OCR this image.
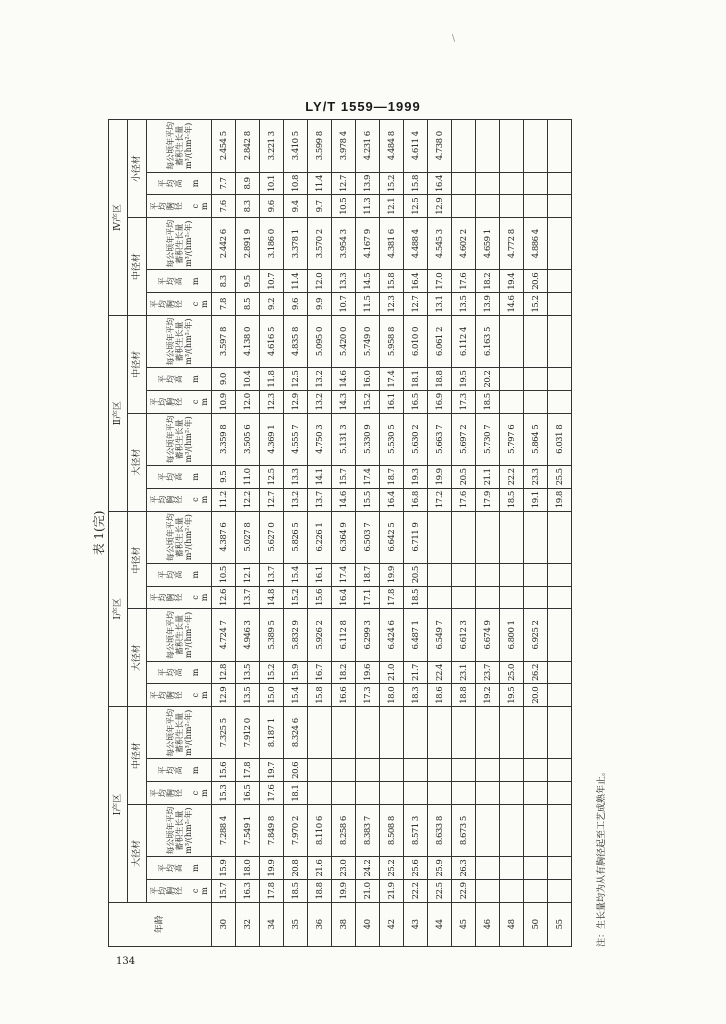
\
LY/T 1559—1999
表 1(完)
年龄	Ⅰ产区						Ⅰ产区						Ⅱ产区						Ⅳ产区					
	大径材			中径材			大径材			中径材			大径材			中径材			中径材			小径材		
	平均胸径 cm	平均高 m	每公顷年平均蓄积生长量 m³/(hm²·年)	平均胸径 cm	平均高 m	每公顷年平均蓄积生长量 m³/(hm²·年)	平均胸径 cm	平均高 m	每公顷年平均蓄积生长量 m³/(hm²·年)	平均胸径 cm	平均高 m	每公顷年平均蓄积生长量 m³/(hm²·年)	平均胸径 cm	平均高 m	每公顷年平均蓄积生长量 m³/(hm²·年)	平均胸径 cm	平均高 m	每公顷年平均蓄积生长量 m³/(hm²·年)	平均胸径 cm	平均高 m	每公顷年平均蓄积生长量 m³/(hm²·年)	平均胸径 cm	平均高 m	每公顷年平均蓄积生长量 m³/(hm²·年)
30	15.7	15.9	7.288 4	15.3	15.6	7.325 5	12.9	12.8	4.724 7	12.6	10.5	4.387 6	11.2	9.5	3.359 8	10.9	9.0	3.597 8	7.8	8.3	2.442 6	7.6	7.7	2.454 5
32	16.3	18.0	7.549 1	16.5	17.8	7.912 0	13.5	13.5	4.946 3	13.7	12.1	5.027 8	12.2	11.0	3.505 6	12.0	10.4	4.138 0	8.5	9.5	2.891 9	8.3	8.9	2.842 8
34	17.8	19.9	7.849 8	17.6	19.7	8.187 1	15.0	15.2	5.389 5	14.8	13.7	5.627 0	12.7	12.5	4.369 1	12.3	11.8	4.616 5	9.2	10.7	3.186 0	9.6	10.1	3.221 3
35	18.5	20.8	7.970 2	18.1	20.6	8.324 6	15.4	15.9	5.832 9	15.2	15.4	5.826 5	13.2	13.3	4.555 7	12.9	12.5	4.835 8	9.6	11.4	3.378 1	9.4	10.8	3.410 5
36	18.8	21.6	8.110 6				15.8	16.7	5.926 2	15.6	16.1	6.226 1	13.7	14.1	4.750 3	13.2	13.2	5.095 0	9.9	12.0	3.570 2	9.7	11.4	3.599 8
38	19.9	23.0	8.258 6				16.6	18.2	6.112 8	16.4	17.4	6.364 9	14.6	15.7	5.131 3	14.3	14.6	5.420 0	10.7	13.3	3.954 3	10.5	12.7	3.978 4
40	21.0	24.2	8.383 7				17.3	19.6	6.299 3	17.1	18.7	6.503 7	15.5	17.4	5.330 9	15.2	16.0	5.749 0	11.5	14.5	4.167 9	11.3	13.9	4.231 6
42	21.9	25.2	8.508 8				18.0	21.0	6.424 6	17.8	19.9	6.642 5	16.4	18.7	5.530 5	16.1	17.4	5.958 8	12.3	15.8	4.381 6	12.1	15.2	4.484 8
43	22.2	25.6	8.571 3				18.3	21.7	6.487 1	18.5	20.5	6.711 9	16.8	19.3	5.630 2	16.5	18.1	6.010 0	12.7	16.4	4.488 4	12.5	15.8	4.611 4
44	22.5	25.9	8.633 8				18.6	22.4	6.549 7				17.2	19.9	5.663 7	16.9	18.8	6.061 2	13.1	17.0	4.545 3	12.9	16.4	4.738 0
45	22.9	26.3	8.673 5				18.8	23.1	6.612 3				17.6	20.5	5.697 2	17.3	19.5	6.112 4	13.5	17.6	4.602 2			
46							19.2	23.7	6.674 9				17.9	21.1	5.730 7	18.5	20.2	6.163 5	13.9	18.2	4.659 1			
48							19.5	25.0	6.800 1				18.5	22.2	5.797 6				14.6	19.4	4.772 8			
50							20.0	26.2	6.925 2				19.1	23.3	5.864 5				15.2	20.6	4.886 4			
55													19.8	25.5	6.031 8									
注：生长量均为从有胸径起至工艺成熟年止。
134
